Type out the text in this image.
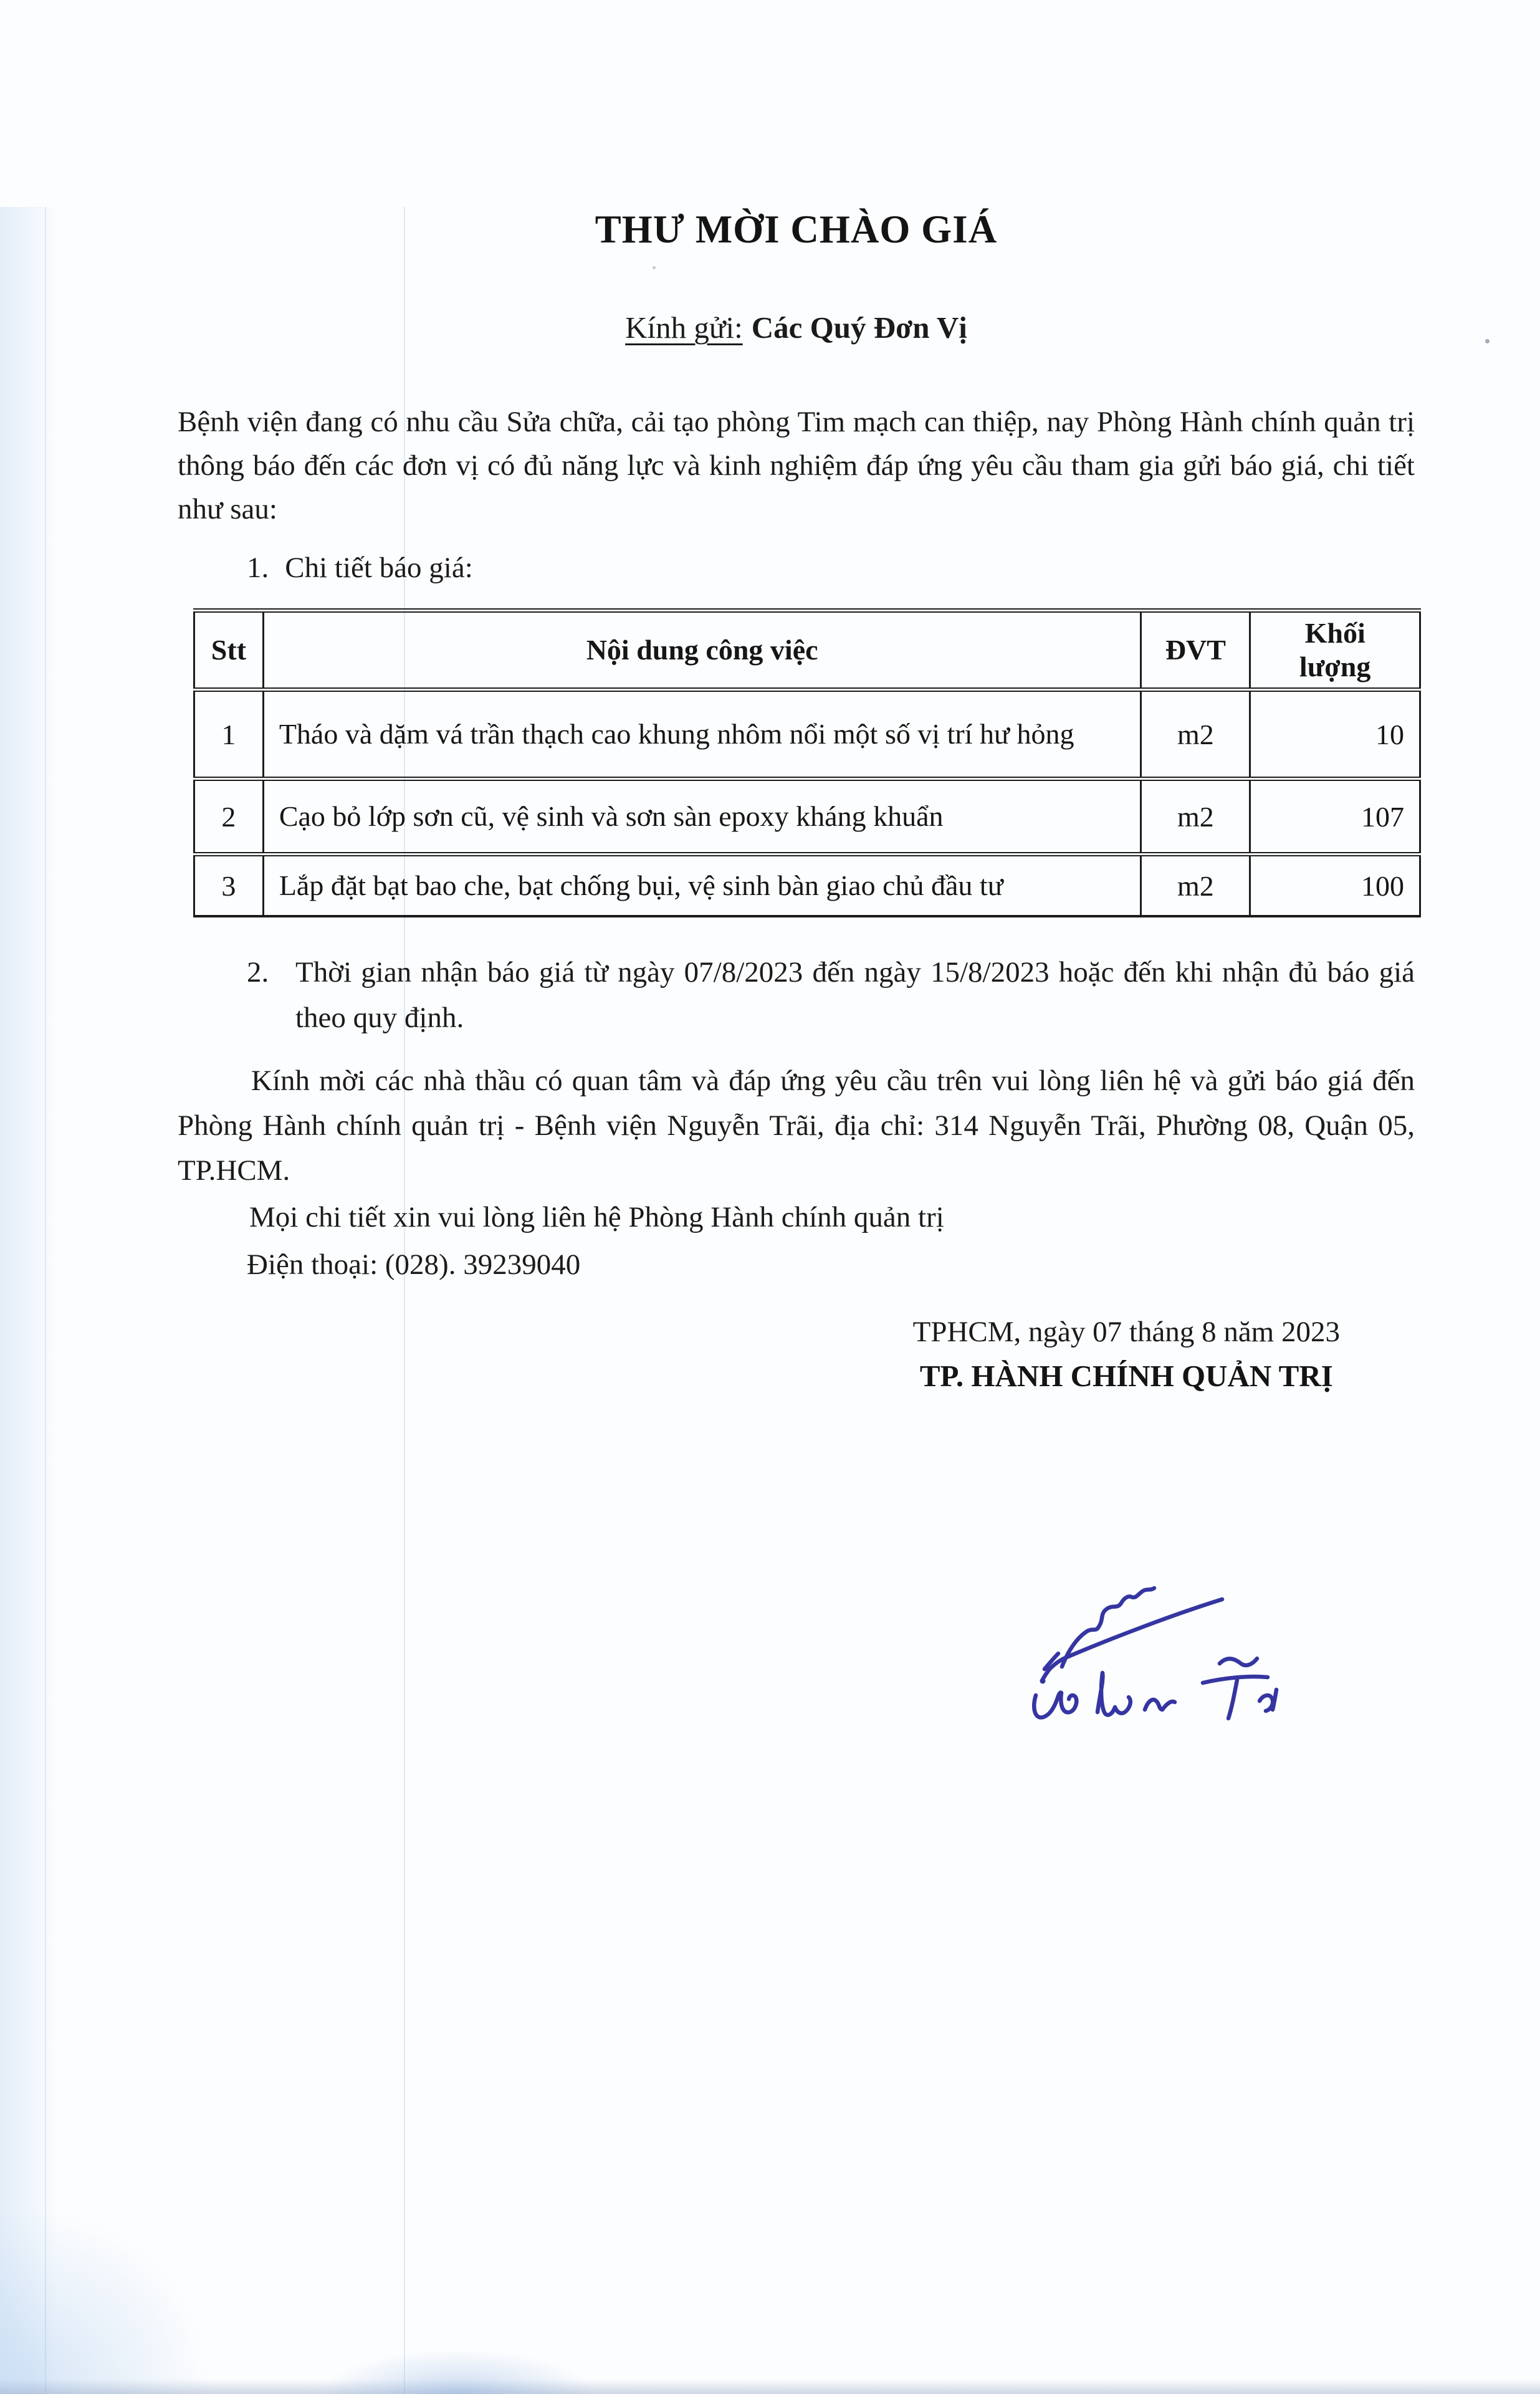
THƯ MỜI CHÀO GIÁ

Kính gửi: Các Quý Đơn Vị

Bệnh viện đang có nhu cầu Sửa chữa, cải tạo phòng Tim mạch can thiệp, nay Phòng Hành chính quản trị thông báo đến các đơn vị có đủ năng lực và kinh nghiệm đáp ứng yêu cầu tham gia gửi báo giá, chi tiết như sau:

1. Chi tiết báo giá:

Stt	Nội dung công việc	ĐVT	Khối lượng
1	Tháo và dặm vá trần thạch cao khung nhôm nổi một số vị trí hư hỏng	m2	10
2	Cạo bỏ lớp sơn cũ, vệ sinh và sơn sàn epoxy kháng khuẩn	m2	107
3	Lắp đặt bạt bao che, bạt chống bụi, vệ sinh bàn giao chủ đầu tư	m2	100

2. Thời gian nhận báo giá từ ngày 07/8/2023 đến ngày 15/8/2023 hoặc đến khi nhận đủ báo giá theo quy định.

Kính mời các nhà thầu có quan tâm và đáp ứng yêu cầu trên vui lòng liên hệ và gửi báo giá đến Phòng Hành chính quản trị - Bệnh viện Nguyễn Trãi, địa chỉ: 314 Nguyễn Trãi, Phường 08, Quận 05, TP.HCM.

Mọi chi tiết xin vui lòng liên hệ Phòng Hành chính quản trị

Điện thoại: (028). 39239040

TPHCM, ngày 07 tháng 8 năm 2023

TP. HÀNH CHÍNH QUẢN TRỊ
